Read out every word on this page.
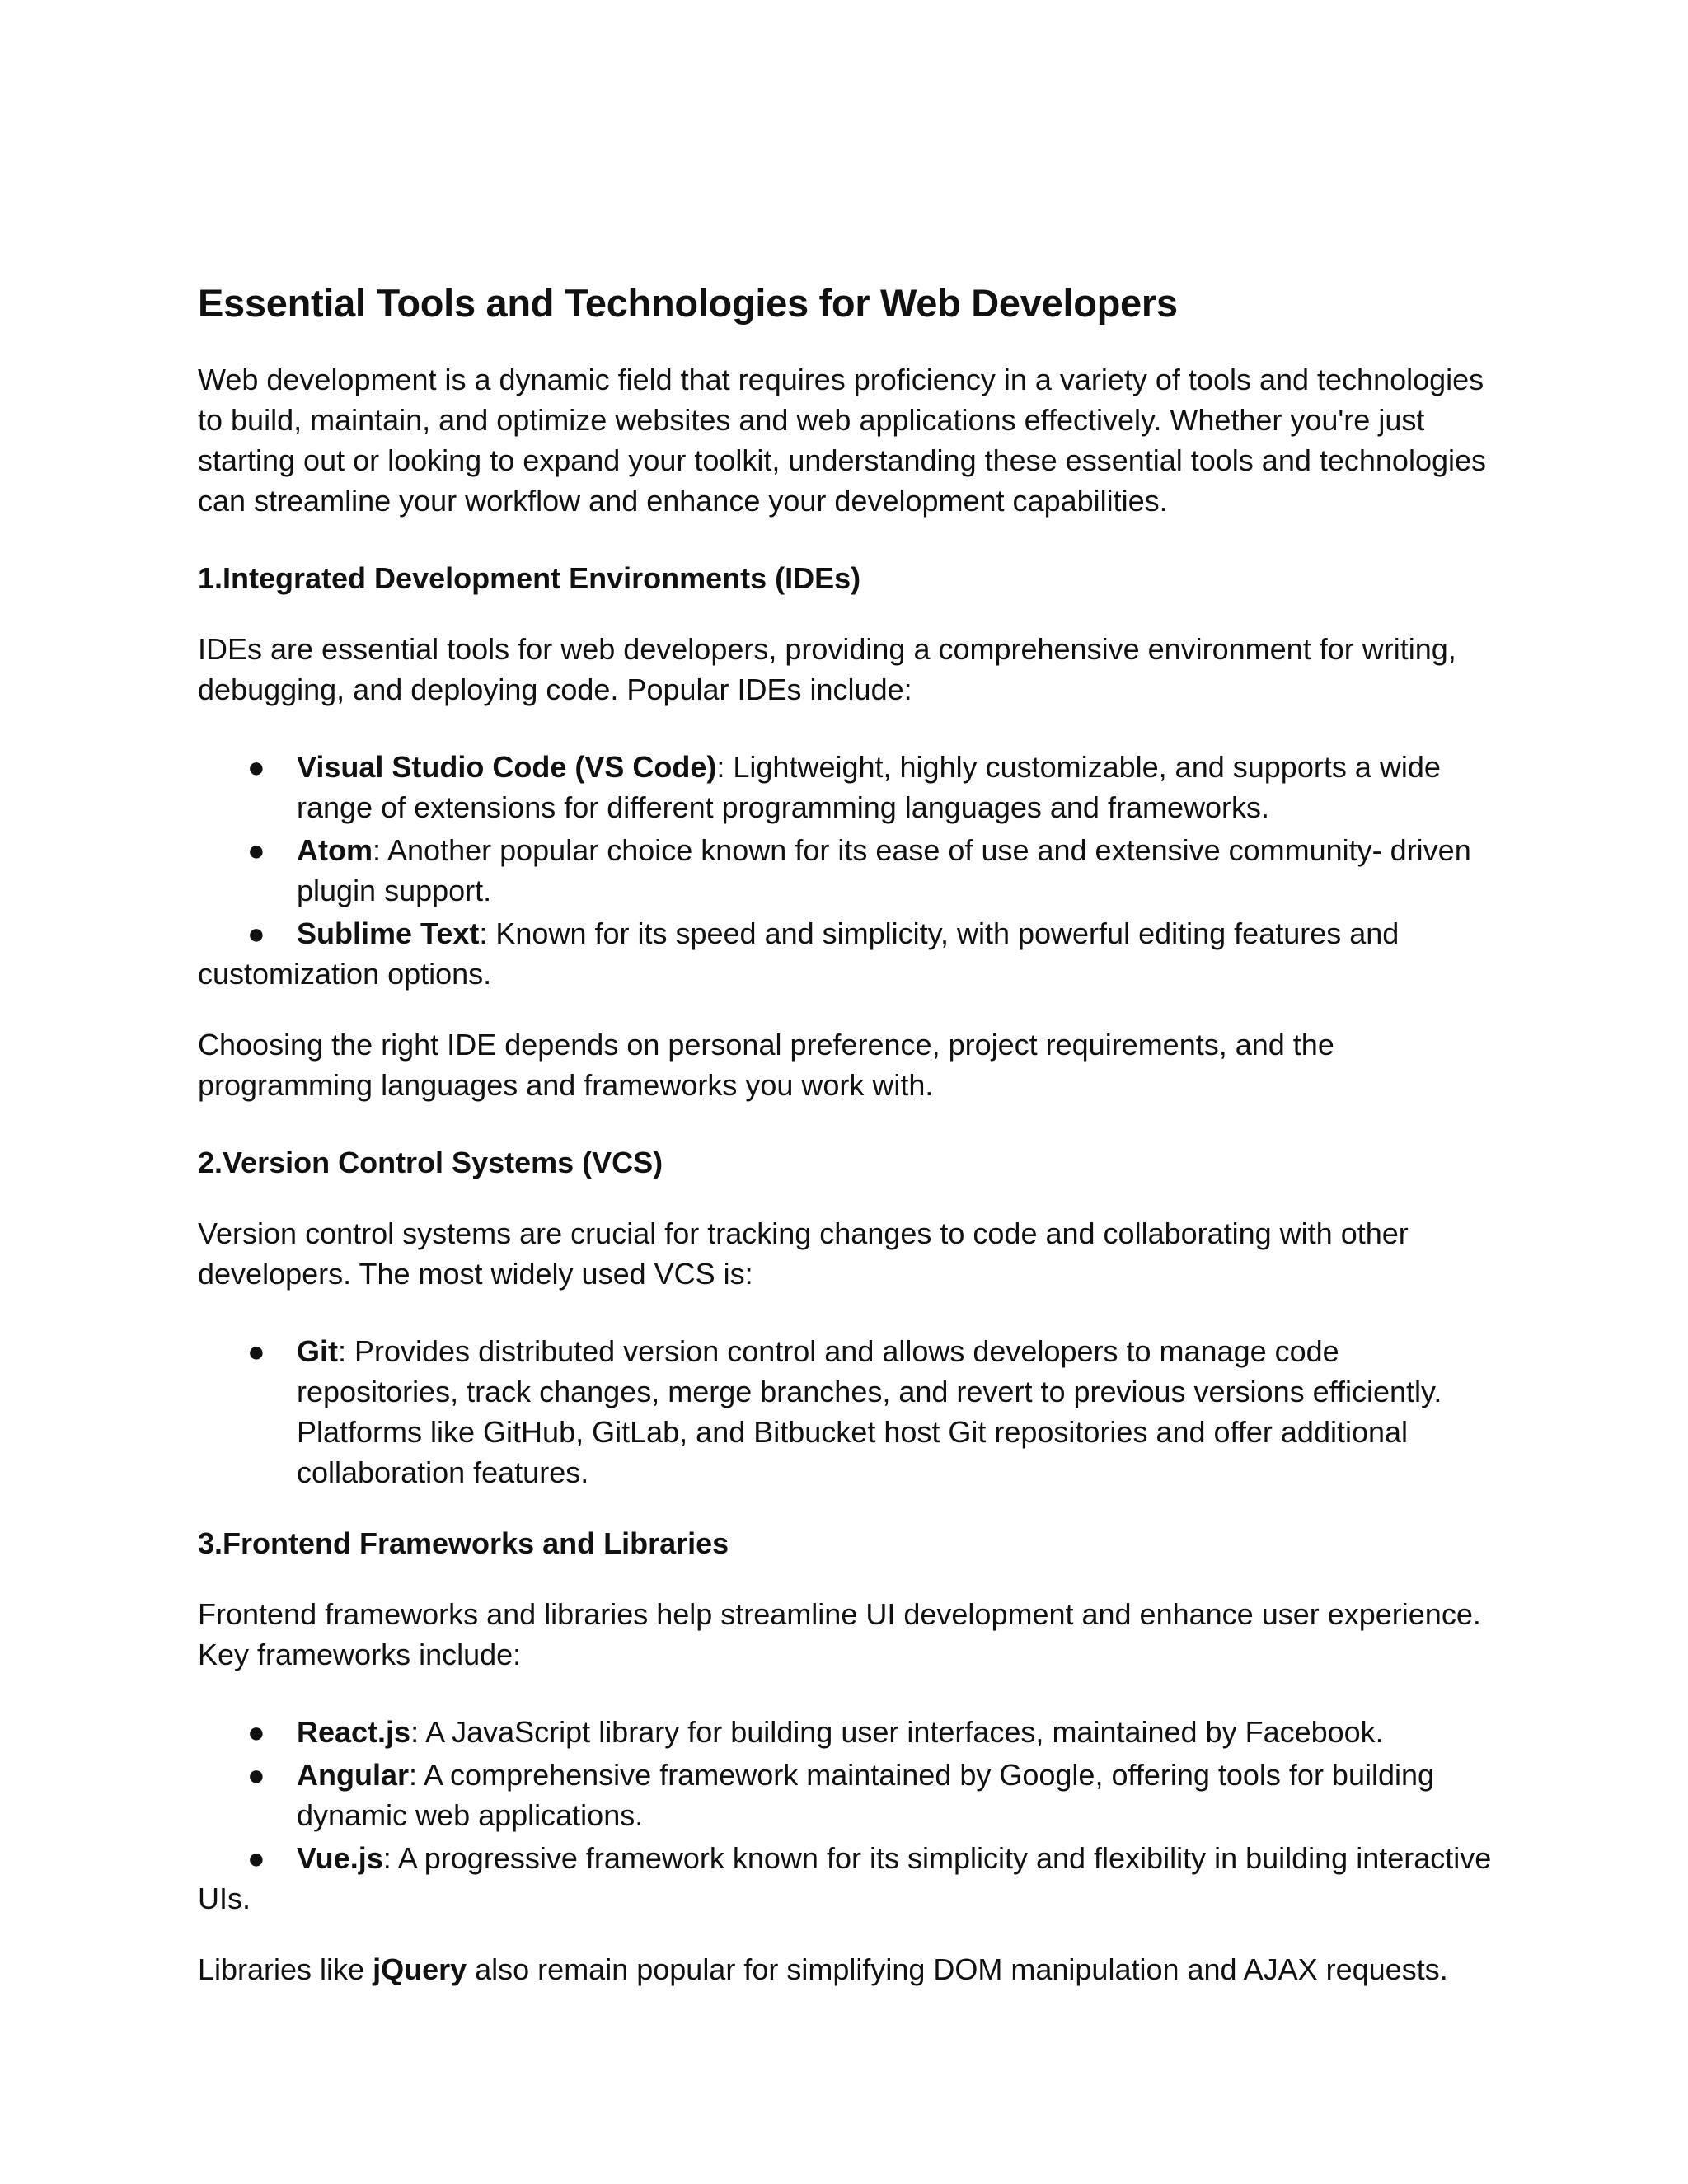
Essential Tools and Technologies for Web Developers

Web development is a dynamic field that requires proficiency in a variety of tools and technologies to build, maintain, and optimize websites and web applications effectively. Whether you're just starting out or looking to expand your toolkit, understanding these essential tools and technologies can streamline your workflow and enhance your development capabilities.

1.Integrated Development Environments (IDEs)

IDEs are essential tools for web developers, providing a comprehensive environment for writing, debugging, and deploying code. Popular IDEs include:

● Visual Studio Code (VS Code): Lightweight, highly customizable, and supports a wide range of extensions for different programming languages and frameworks.
● Atom: Another popular choice known for its ease of use and extensive community- driven plugin support.
● Sublime Text: Known for its speed and simplicity, with powerful editing features and customization options.

Choosing the right IDE depends on personal preference, project requirements, and the programming languages and frameworks you work with.

2.Version Control Systems (VCS)

Version control systems are crucial for tracking changes to code and collaborating with other developers. The most widely used VCS is:

● Git: Provides distributed version control and allows developers to manage code repositories, track changes, merge branches, and revert to previous versions efficiently. Platforms like GitHub, GitLab, and Bitbucket host Git repositories and offer additional collaboration features.
3.Frontend Frameworks and Libraries

Frontend frameworks and libraries help streamline UI development and enhance user experience. Key frameworks include:

● React.js: A JavaScript library for building user interfaces, maintained by Facebook.
● Angular: A comprehensive framework maintained by Google, offering tools for building dynamic web applications.
● Vue.js: A progressive framework known for its simplicity and flexibility in building interactive UIs.

Libraries like jQuery also remain popular for simplifying DOM manipulation and AJAX requests.
